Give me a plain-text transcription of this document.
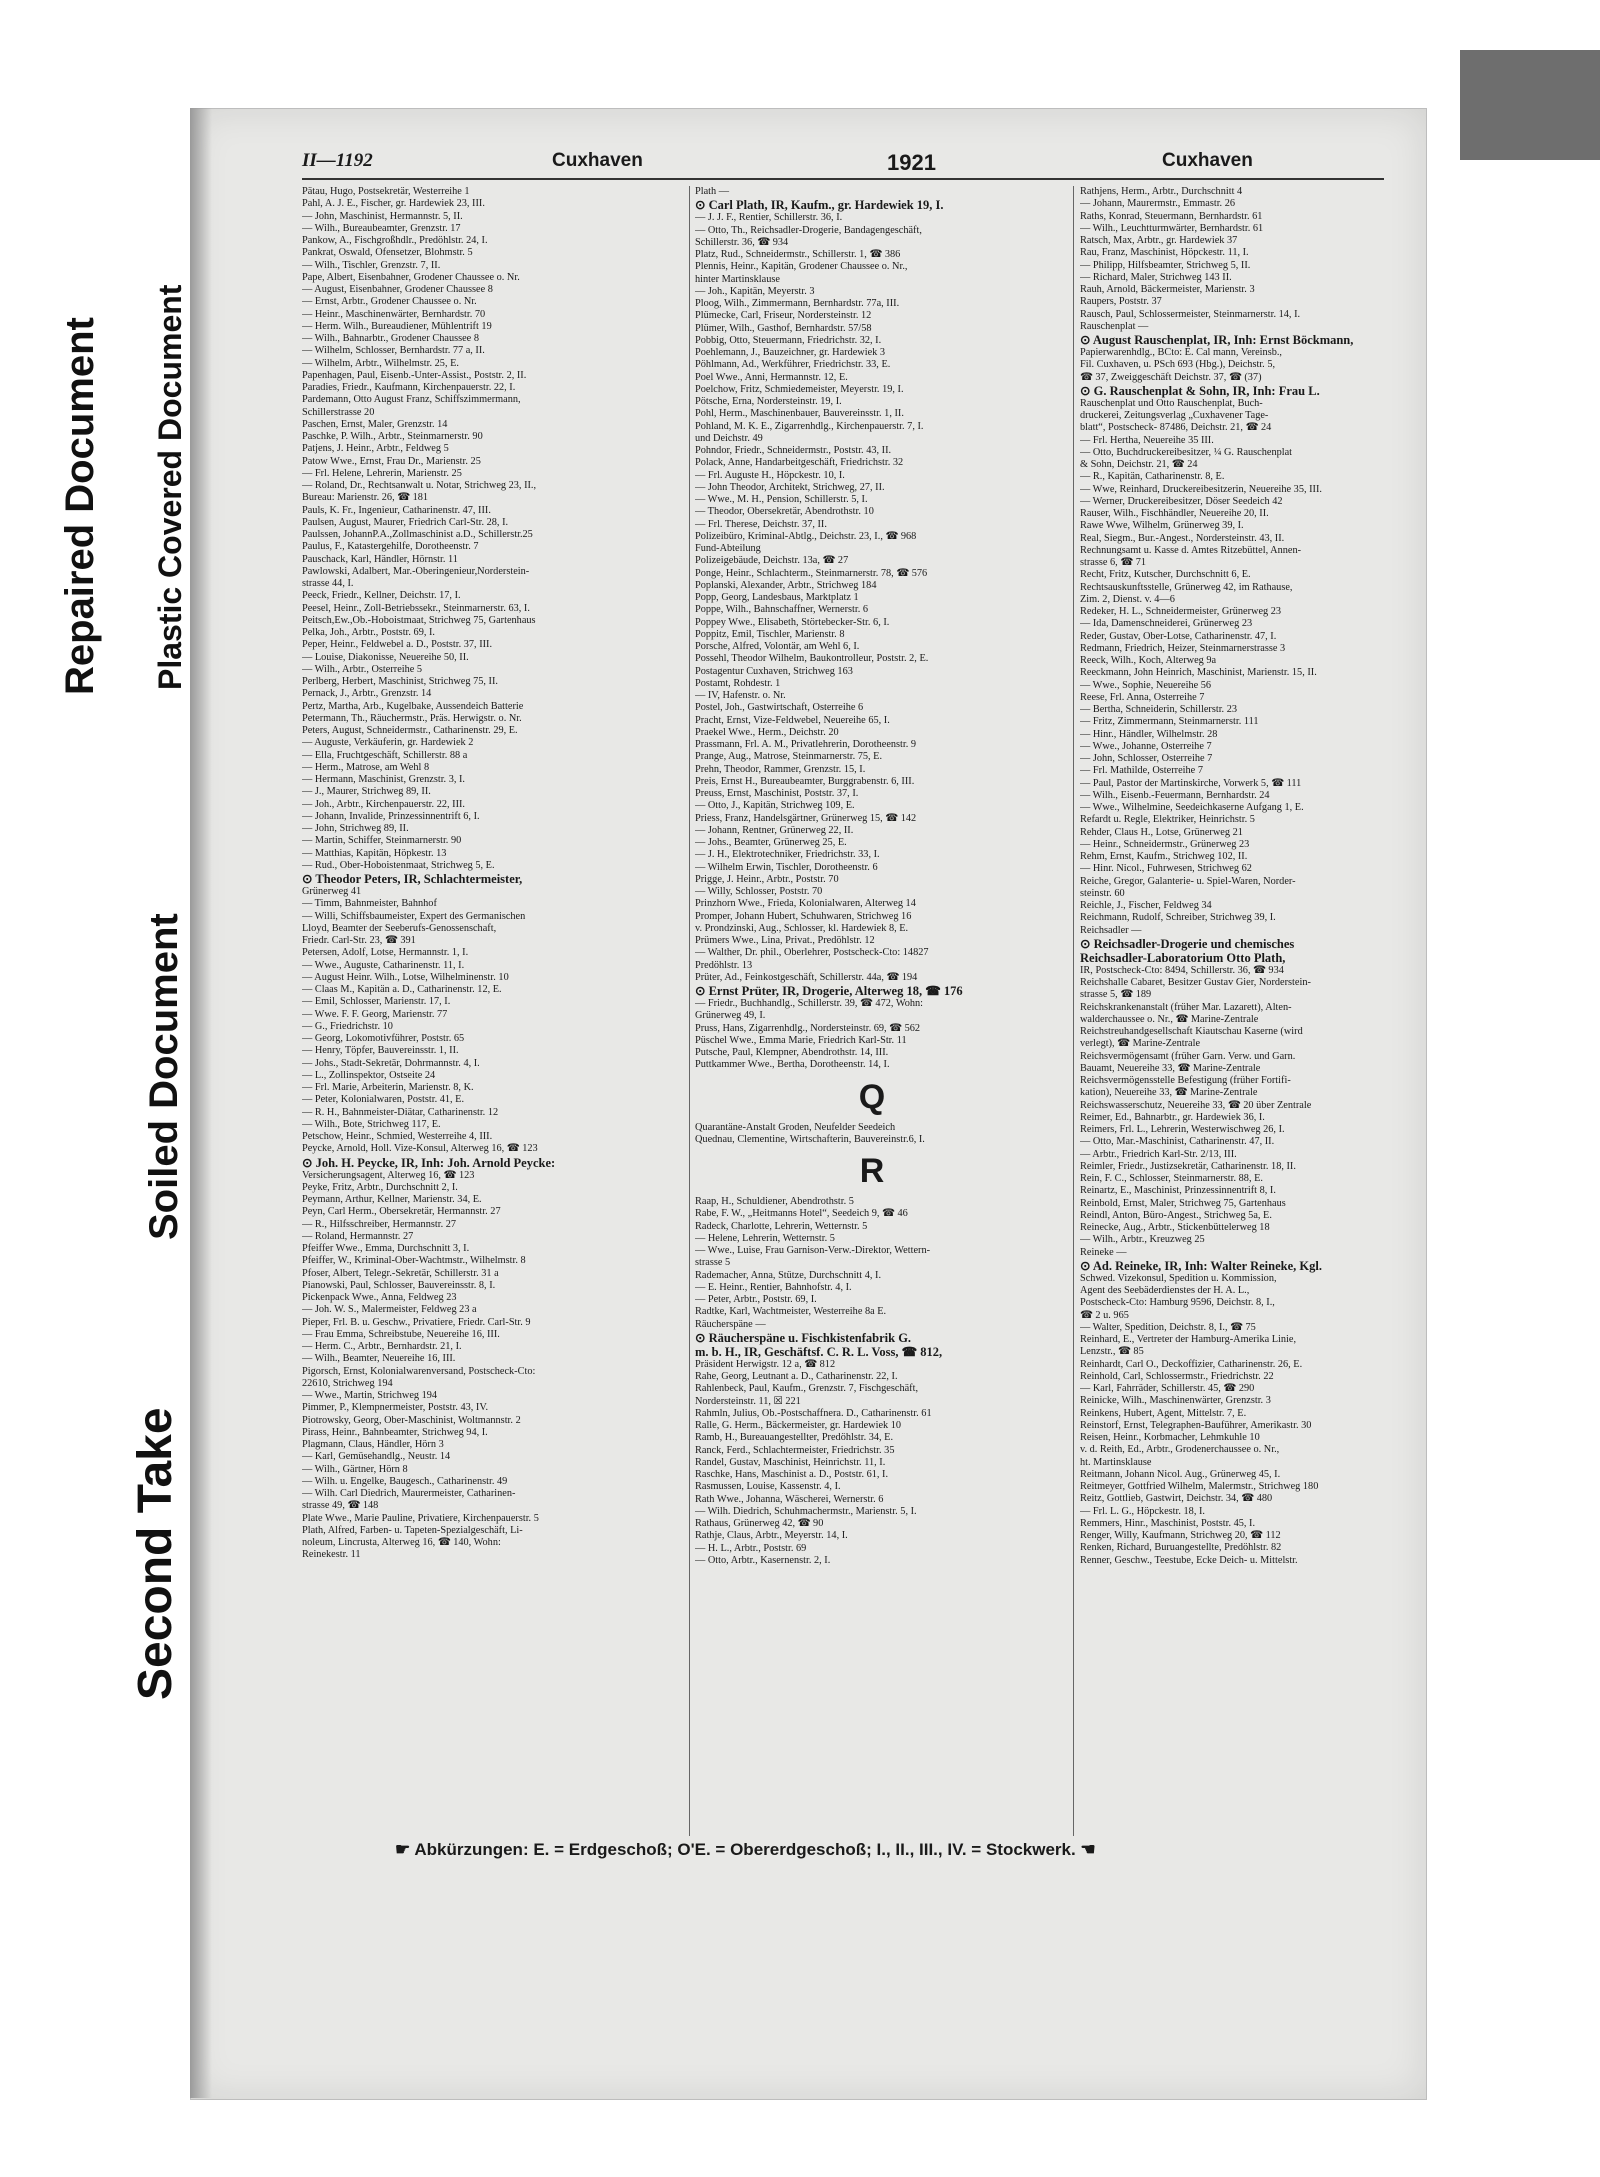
Repaired Document Plastic Covered Document
Soiled Document
Second Take
II—1192	Cuxhaven	1921	Cuxhaven
Pätau, Hugo, Postsekretär, Westerreihe 1
Pahl, A. J. E., Fischer, gr. Hardewiek 23, III.
— John, Maschinist, Hermannstr. 5, II.
— Wilh., Bureaubeamter, Grenzstr. 17
Pankow, A., Fischgroßhdlr., Predöhlstr. 24, I.
Pankrat, Oswald, Ofensetzer, Blohmstr. 5
— Wilh., Tischler, Grenzstr. 7, II.
Pape, Albert, Eisenbahner, Grodener Chaussee o. Nr.
— August, Eisenbahner, Grodener Chaussee 8
— Ernst, Arbtr., Grodener Chaussee o. Nr.
— Heinr., Maschinenwärter, Bernhardstr. 70
— Herm. Wilh., Bureaudiener, Mühlentrift 19
— Wilh., Bahnarbtr., Grodener Chaussee 8
— Wilhelm, Schlosser, Bernhardstr. 77 a, II.
— Wilhelm, Arbtr., Wilhelmstr. 25, E.
Papenhagen, Paul, Eisenb.-Unter-Assist., Poststr. 2, II.
Paradies, Friedr., Kaufmann, Kirchenpauerstr. 22, I.
Pardemann, Otto August Franz, Schiffszimmermann,
Schillerstrasse 20
Paschen, Ernst, Maler, Grenzstr. 14
Paschke, P. Wilh., Arbtr., Steinmarnerstr. 90
Patjens, J. Heinr., Arbtr., Feldweg 5
Patow Wwe., Ernst, Frau Dr., Marienstr. 25
— Frl. Helene, Lehrerin, Marienstr. 25
— Roland, Dr., Rechtsanwalt u. Notar, Strichweg 23, II.,
Bureau: Marienstr. 26, ☎ 181
Pauls, K. Fr., Ingenieur, Catharinenstr. 47, III.
Paulsen, August, Maurer, Friedrich Carl-Str. 28, I.
Paulssen, JohannP.A.,Zollmaschinist a.D., Schillerstr.25
Paulus, F., Katastergehilfe, Dorotheenstr. 7
Pauschack, Karl, Händler, Hörnstr. 11
Pawlowski, Adalbert, Mar.-Oberingenieur,Norderstein-
strasse 44, I.
Peeck, Friedr., Kellner, Deichstr. 17, I.
Peesel, Heinr., Zoll-Betriebssekr., Steinmarnerstr. 63, I.
Peitsch,Ew.,Ob.-Hoboistmaat, Strichweg 75, Gartenhaus
Pelka, Joh., Arbtr., Poststr. 69, I.
Peper, Heinr., Feldwebel a. D., Poststr. 37, III.
— Louise, Diakonisse, Neuereihe 50, II.
— Wilh., Arbtr., Osterreihe 5
Perlberg, Herbert, Maschinist, Strichweg 75, II.
Pernack, J., Arbtr., Grenzstr. 14
Pertz, Martha, Arb., Kugelbake, Aussendeich Batterie
Petermann, Th., Räuchermstr., Präs. Herwigstr. o. Nr.
Peters, August, Schneidermstr., Catharinenstr. 29, E.
— Auguste, Verkäuferin, gr. Hardewiek 2
— Ella, Fruchtgeschäft, Schillerstr. 88 a
— Herm., Matrose, am Wehl 8
— Hermann, Maschinist, Grenzstr. 3, I.
— J., Maurer, Strichweg 89, II.
— Joh., Arbtr., Kirchenpauerstr. 22, III.
— Johann, Invalide, Prinzessinnentrift 6, I.
— John, Strichweg 89, II.
— Martin, Schiffer, Steinmarnerstr. 90
— Matthias, Kapitän, Höpkestr. 13
— Rud., Ober-Hoboistenmaat, Strichweg 5, E.
⊙ Theodor Peters, IR, Schlachtermeister,
Grünerweg 41
— Timm, Bahnmeister, Bahnhof
— Willi, Schiffsbaumeister, Expert des Germanischen
Lloyd, Beamter der Seeberufs-Genossenschaft,
Friedr. Carl-Str. 23, ☎ 391
Petersen, Adolf, Lotse, Hermannstr. 1, I.
— Wwe., Auguste, Catharinenstr. 11, I.
— August Heinr. Wilh., Lotse, Wilhelminenstr. 10
— Claas M., Kapitän a. D., Catharinenstr. 12, E.
— Emil, Schlosser, Marienstr. 17, I.
— Wwe. F. F. Georg, Marienstr. 77
— G., Friedrichstr. 10
— Georg, Lokomotivführer, Poststr. 65
— Henry, Töpfer, Bauvereinsstr. 1, II.
— Johs., Stadt-Sekretär, Dohrmannstr. 4, I.
— L., Zollinspektor, Ostseite 24
— Frl. Marie, Arbeiterin, Marienstr. 8, K.
— Peter, Kolonialwaren, Poststr. 41, E.
— R. H., Bahnmeister-Diätar, Catharinenstr. 12
— Wilh., Bote, Strichweg 117, E.
Petschow, Heinr., Schmied, Westerreihe 4, III.
Peycke, Arnold, Holl. Vize-Konsul, Alterweg 16, ☎ 123
⊙ Joh. H. Peycke, IR, Inh: Joh. Arnold Peycke:
Versicherungsagent, Alterweg 16, ☎ 123
Peyke, Fritz, Arbtr., Durchschnitt 2, I.
Peymann, Arthur, Kellner, Marienstr. 34, E.
Peyn, Carl Herm., Obersekretär, Hermannstr. 27
— R., Hilfsschreiber, Hermannstr. 27
— Roland, Hermannstr. 27
Pfeiffer Wwe., Emma, Durchschnitt 3, I.
Pfeiffer, W., Kriminal-Ober-Wachtmstr., Wilhelmstr. 8
Pfoser, Albert, Telegr.-Sekretär, Schillerstr. 31 a
Pianowski, Paul, Schlosser, Bauvereinsstr. 8, I.
Pickenpack Wwe., Anna, Feldweg 23
— Joh. W. S., Malermeister, Feldweg 23 a
Pieper, Frl. B. u. Geschw., Privatiere, Friedr. Carl-Str. 9
— Frau Emma, Schreibstube, Neuereihe 16, III.
— Herm. C., Arbtr., Bernhardstr. 21, I.
— Wilh., Beamter, Neuereihe 16, III.
Pigorsch, Ernst, Kolonialwarenversand, Postscheck-Cto:
22610, Strichweg 194
— Wwe., Martin, Strichweg 194
Pimmer, P., Klempnermeister, Poststr. 43, IV.
Piotrowsky, Georg, Ober-Maschinist, Woltmannstr. 2
Pirass, Heinr., Bahnbeamter, Strichweg 94, I.
Plagmann, Claus, Händler, Hörn 3
— Karl, Gemüsehandlg., Neustr. 14
— Wilh., Gärtner, Hörn 8
— Wilh. u. Engelke, Baugesch., Catharinenstr. 49
— Wilh. Carl Diedrich, Maurermeister, Catharinen-
strasse 49, ☎ 148
Plate Wwe., Marie Pauline, Privatiere, Kirchenpauerstr. 5
Plath, Alfred, Farben- u. Tapeten-Spezialgeschäft, Li-
noleum, Lincrusta, Alterweg 16, ☎ 140, Wohn:
Reinekestr. 11
Plath —
⊙ Carl Plath, IR, Kaufm., gr. Hardewiek 19, I.
— J. J. F., Rentier, Schillerstr. 36, I.
— Otto, Th., Reichsadler-Drogerie, Bandagengeschäft,
Schillerstr. 36, ☎ 934
Platz, Rud., Schneidermstr., Schillerstr. 1, ☎ 386
Plennis, Heinr., Kapitän, Grodener Chaussee o. Nr.,
hinter Martinsklause
— Joh., Kapitän, Meyerstr. 3
Ploog, Wilh., Zimmermann, Bernhardstr. 77a, III.
Plümecke, Carl, Friseur, Nordersteinstr. 12
Plümer, Wilh., Gasthof, Bernhardstr. 57/58
Pobbig, Otto, Steuermann, Friedrichstr. 32, I.
Poehlemann, J., Bauzeichner, gr. Hardewiek 3
Pöhlmann, Ad., Werkführer, Friedrichstr. 33, E.
Poel Wwe., Anni, Hermannstr. 12, E.
Poelchow, Fritz, Schmiedemeister, Meyerstr. 19, I.
Pötsche, Erna, Nordersteinstr. 19, I.
Pohl, Herm., Maschinenbauer, Bauvereinsstr. 1, II.
Pohland, M. K. E., Zigarrenhdlg., Kirchenpauerstr. 7, I.
und Deichstr. 49
Pohndor, Friedr., Schneidermstr., Poststr. 43, II.
Polack, Anne, Handarbeitgeschäft, Friedrichstr. 32
— Frl. Auguste H., Höpckestr. 10, I.
— John Theodor, Architekt, Strichweg, 27, II.
— Wwe., M. H., Pension, Schillerstr. 5, I.
— Theodor, Obersekretär, Abendrothstr. 10
— Frl. Therese, Deichstr. 37, II.
Polizeibüro, Kriminal-Abtlg., Deichstr. 23, I., ☎ 968
Fund-Abteilung
Polizeigebäude, Deichstr. 13a, ☎ 27
Ponge, Heinr., Schlachterm., Steinmarnerstr. 78, ☎ 576
Poplanski, Alexander, Arbtr., Strichweg 184
Popp, Georg, Landesbaus, Marktplatz 1
Poppe, Wilh., Bahnschaffner, Wernerstr. 6
Poppey Wwe., Elisabeth, Störtebecker-Str. 6, I.
Poppitz, Emil, Tischler, Marienstr. 8
Porsche, Alfred, Volontär, am Wehl 6, I.
Possehl, Theodor Wilhelm, Baukontrolleur, Poststr. 2, E.
Postagentur Cuxhaven, Strichweg 163
Postamt, Rohdestr. 1
— IV, Hafenstr. o. Nr.
Postel, Joh., Gastwirtschaft, Osterreihe 6
Pracht, Ernst, Vize-Feldwebel, Neuereihe 65, I.
Praekel Wwe., Herm., Deichstr. 20
Prassmann, Frl. A. M., Privatlehrerin, Dorotheenstr. 9
Prange, Aug., Matrose, Steinmarnerstr. 75, E.
Prehn, Theodor, Rammer, Grenzstr. 15, I.
Preis, Ernst H., Bureaubeamter, Burggrabenstr. 6, III.
Preuss, Ernst, Maschinist, Poststr. 37, I.
— Otto, J., Kapitän, Strichweg 109, E.
Priess, Franz, Handelsgärtner, Grünerweg 15, ☎ 142
— Johann, Rentner, Grünerweg 22, II.
— Johs., Beamter, Grünerweg 25, E.
— J. H., Elektrotechniker, Friedrichstr. 33, I.
— Wilhelm Erwin, Tischler, Dorotheenstr. 6
Prigge, J. Heinr., Arbtr., Poststr. 70
— Willy, Schlosser, Poststr. 70
Prinzhorn Wwe., Frieda, Kolonialwaren, Alterweg 14
Promper, Johann Hubert, Schuhwaren, Strichweg 16
v. Prondzinski, Aug., Schlosser, kl. Hardewiek 8, E.
Prümers Wwe., Lina, Privat., Predöhlstr. 12
— Walther, Dr. phil., Oberlehrer, Postscheck-Cto: 14827
Predöhlstr. 13
Prüter, Ad., Feinkostgeschäft, Schillerstr. 44a, ☎ 194
⊙ Ernst Prüter, IR, Drogerie, Alterweg 18, ☎ 176
— Friedr., Buchhandlg., Schillerstr. 39, ☎ 472, Wohn:
Grünerweg 49, I.
Pruss, Hans, Zigarrenhdlg., Nordersteinstr. 69, ☎ 562
Püschel Wwe., Emma Marie, Friedrich Karl-Str. 11
Putsche, Paul, Klempner, Abendrothstr. 14, III.
Puttkammer Wwe., Bertha, Dorotheenstr. 14, I.
Q
Quarantäne-Anstalt Groden, Neufelder Seedeich
Quednau, Clementine, Wirtschafterin, Bauvereinstr.6, I.
R
Raap, H., Schuldiener, Abendrothstr. 5
Rabe, F. W., „Heitmanns Hotel“, Seedeich 9, ☎ 46
Radeck, Charlotte, Lehrerin, Wetternstr. 5
— Helene, Lehrerin, Wetternstr. 5
— Wwe., Luise, Frau Garnison-Verw.-Direktor, Wettern-
strasse 5
Rademacher, Anna, Stütze, Durchschnitt 4, I.
— E. Heinr., Rentier, Bahnhofstr. 4, I.
— Peter, Arbtr., Poststr. 69, I.
Radtke, Karl, Wachtmeister, Westerreihe 8a E.
Räucherspäne —
⊙ Räucherspäne u. Fischkistenfabrik G.
m. b. H., IR, Geschäftsf. C. R. L. Voss, ☎ 812,
Präsident Herwigstr. 12 a, ☎ 812
Rahe, Georg, Leutnant a. D., Catharinenstr. 22, I.
Rahlenbeck, Paul, Kaufm., Grenzstr. 7, Fischgeschäft,
Nordersteinstr. 11, ☒ 221
Rahmln, Julius, Ob.-Postschaffnera. D., Catharinenstr. 61
Ralle, G. Herm., Bäckermeister, gr. Hardewiek 10
Ramb, H., Bureauangestellter, Predöhlstr. 34, E.
Ranck, Ferd., Schlachtermeister, Friedrichstr. 35
Randel, Gustav, Maschinist, Heinrichstr. 11, I.
Raschke, Hans, Maschinist a. D., Poststr. 61, I.
Rasmussen, Louise, Kassenstr. 4, I.
Rath Wwe., Johanna, Wäscherei, Wernerstr. 6
— Wilh. Diedrich, Schuhmachermstr., Marienstr. 5, I.
Rathaus, Grünerweg 42, ☎ 90
Rathje, Claus, Arbtr., Meyerstr. 14, I.
— H. L., Arbtr., Poststr. 69
— Otto, Arbtr., Kasernenstr. 2, I.
Rathjens, Herm., Arbtr., Durchschnitt 4
— Johann, Maurermstr., Emmastr. 26
Raths, Konrad, Steuermann, Bernhardstr. 61
— Wilh., Leuchtturmwärter, Bernhardstr. 61
Ratsch, Max, Arbtr., gr. Hardewiek 37
Rau, Franz, Maschinist, Höpckestr. 11, I.
— Philipp, Hilfsbeamter, Strichweg 5, II.
— Richard, Maler, Strichweg 143 II.
Rauh, Arnold, Bäckermeister, Marienstr. 3
Raupers, Poststr. 37
Rausch, Paul, Schlossermeister, Steinmarnerstr. 14, I.
Rauschenplat —
⊙ August Rauschenplat, IR, Inh: Ernst Böckmann,
Papierwarenhdlg., BCto: E. Cal mann, Vereinsb.,
Fil. Cuxhaven, u. PSch 693 (Hbg.), Deichstr. 5,
☎ 37, Zweiggeschäft Deichstr. 37, ☎ (37)
⊙ G. Rauschenplat & Sohn, IR, Inh: Frau L.
Rauschenplat und Otto Rauschenplat, Buch-
druckerei, Zeitungsverlag „Cuxhavener Tage-
blatt“, Postscheck- 87486, Deichstr. 21, ☎ 24
— Frl. Hertha, Neuereihe 35 III.
— Otto, Buchdruckereibesitzer, ¼ G. Rauschenplat
& Sohn, Deichstr. 21, ☎ 24
— R., Kapitän, Catharinenstr. 8, E.
— Wwe, Reinhard, Druckereibesitzerin, Neuereihe 35, III.
— Werner, Druckereibesitzer, Döser Seedeich 42
Rauser, Wilh., Fischhändler, Neuereihe 20, II.
Rawe Wwe, Wilhelm, Grünerweg 39, I.
Real, Siegm., Bur.-Angest., Nordersteinstr. 43, II.
Rechnungsamt u. Kasse d. Amtes Ritzebüttel, Annen-
strasse 6, ☎ 71
Recht, Fritz, Kutscher, Durchschnitt 6, E.
Rechtsauskunftsstelle, Grünerweg 42, im Rathause,
Zim. 2, Dienst. v. 4—6
Redeker, H. L., Schneidermeister, Grünerweg 23
— Ida, Damenschneiderei, Grünerweg 23
Reder, Gustav, Ober-Lotse, Catharinenstr. 47, I.
Redmann, Friedrich, Heizer, Steinmarnerstrasse 3
Reeck, Wilh., Koch, Alterweg 9a
Reeckmann, John Heinrich, Maschinist, Marienstr. 15, II.
— Wwe., Sophie, Neuereihe 56
Reese, Frl. Anna, Osterreihe 7
— Bertha, Schneiderin, Schillerstr. 23
— Fritz, Zimmermann, Steinmarnerstr. 111
— Hinr., Händler, Wilhelmstr. 28
— Wwe., Johanne, Osterreihe 7
— John, Schlosser, Osterreihe 7
— Frl. Mathilde, Osterreihe 7
— Paul, Pastor der Martinskirche, Vorwerk 5, ☎ 111
— Wilh., Eisenb.-Feuermann, Bernhardstr. 24
— Wwe., Wilhelmine, Seedeichkaserne Aufgang 1, E.
Refardt u. Regle, Elektriker, Heinrichstr. 5
Rehder, Claus H., Lotse, Grünerweg 21
— Heinr., Schneidermstr., Grünerweg 23
Rehm, Ernst, Kaufm., Strichweg 102, II.
— Hinr. Nicol., Fuhrwesen, Strichweg 62
Reiche, Gregor, Galanterie- u. Spiel-Waren, Norder-
steinstr. 60
Reichle, J., Fischer, Feldweg 34
Reichmann, Rudolf, Schreiber, Strichweg 39, I.
Reichsadler —
⊙ Reichsadler-Drogerie und chemisches
Reichsadler-Laboratorium Otto Plath,
IR, Postscheck-Cto: 8494, Schillerstr. 36, ☎ 934
Reichshalle Cabaret, Besitzer Gustav Gier, Norderstein-
strasse 5, ☎ 189
Reichskrankenanstalt (früher Mar. Lazarett), Alten-
walderchaussee o. Nr., ☎ Marine-Zentrale
Reichstreuhandgesellschaft Kiautschau Kaserne (wird
verlegt), ☎ Marine-Zentrale
Reichsvermögensamt (früher Garn. Verw. und Garn.
Bauamt, Neuereihe 33, ☎ Marine-Zentrale
Reichsvermögensstelle Befestigung (früher Fortifi-
kation), Neuereihe 33, ☎ Marine-Zentrale
Reichswasserschutz, Neuereihe 33, ☎ 20 über Zentrale
Reimer, Ed., Bahnarbtr., gr. Hardewiek 36, I.
Reimers, Frl. L., Lehrerin, Westerwischweg 26, I.
— Otto, Mar.-Maschinist, Catharinenstr. 47, II.
— Arbtr., Friedrich Karl-Str. 2/13, III.
Reimler, Friedr., Justizsekretär, Catharinenstr. 18, II.
Rein, F. C., Schlosser, Steinmarnerstr. 88, E.
Reinartz, E., Maschinist, Prinzessinnentrift 8, I.
Reinbold, Ernst, Maler, Strichweg 75, Gartenhaus
Reindl, Anton, Büro-Angest., Strichweg 5a, E.
Reinecke, Aug., Arbtr., Stickenbüttelerweg 18
— Wilh., Arbtr., Kreuzweg 25
Reineke —
⊙ Ad. Reineke, IR, Inh: Walter Reineke, Kgl.
Schwed. Vizekonsul, Spedition u. Kommission,
Agent des Seebäderdienstes der H. A. L.,
Postscheck-Cto: Hamburg 9596, Deichstr. 8, I.,
☎ 2 u. 965
— Walter, Spedition, Deichstr. 8, I., ☎ 75
Reinhard, E., Vertreter der Hamburg-Amerika Linie,
Lenzstr., ☎ 85
Reinhardt, Carl O., Deckoffizier, Catharinenstr. 26, E.
Reinhold, Carl, Schlossermstr., Friedrichstr. 22
— Karl, Fahrräder, Schillerstr. 45, ☎ 290
Reinicke, Wilh., Maschinenwärter, Grenzstr. 3
Reinkens, Hubert, Agent, Mittelstr. 7, E.
Reinstorf, Ernst, Telegraphen-Bauführer, Amerikastr. 30
Reisen, Heinr., Korbmacher, Lehmkuhle 10
v. d. Reith, Ed., Arbtr., Grodenerchaussee o. Nr.,
ht. Martinsklause
Reitmann, Johann Nicol. Aug., Grünerweg 45, I.
Reitmeyer, Gottfried Wilhelm, Malermstr., Strichweg 180
Reitz, Gottlieb, Gastwirt, Deichstr. 34, ☎ 480
— Frl. L. G., Höpckestr. 18, I.
Remmers, Hinr., Maschinist, Poststr. 45, I.
Renger, Willy, Kaufmann, Strichweg 20, ☎ 112
Renken, Richard, Buruangestellte, Predöhlstr. 82
Renner, Geschw., Teestube, Ecke Deich- u. Mittelstr.
☛ Abkürzungen: E. = Erdgeschoß; O'E. = Obererdgeschoß; I., II., III., IV. = Stockwerk. ☚
